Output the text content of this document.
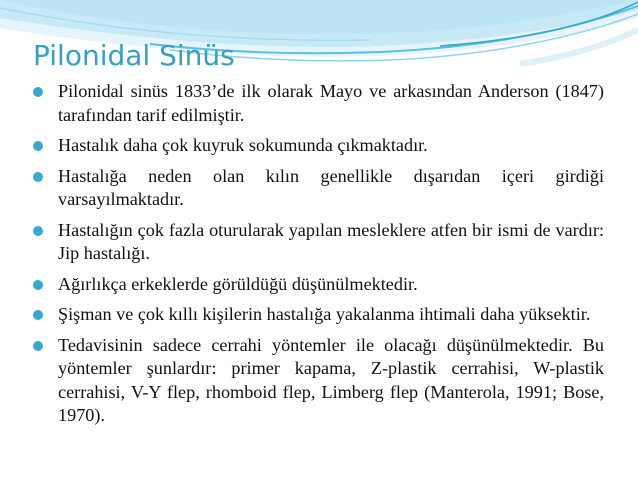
Pilonidal Sinüs
Pilonidal sinüs 1833’de ilk olarak Mayo ve arkasından Anderson (1847) tarafından tarif edilmiştir.
Hastalık daha çok kuyruk sokumunda çıkmaktadır.
Hastalığa neden olan kılın genellikle dışarıdan içeri girdiği varsayılmaktadır.
Hastalığın çok fazla oturularak yapılan mesleklere atfen bir ismi de vardır: Jip hastalığı.
Ağırlıkça erkeklerde görüldüğü düşünülmektedir.
Şişman ve çok kıllı kişilerin hastalığa yakalanma ihtimali daha yüksektir.
Tedavisinin sadece cerrahi yöntemler ile olacağı düşünülmektedir. Bu yöntemler şunlardır: primer kapama, Z-plastik cerrahisi, W-plastik cerrahisi, V-Y flep, rhomboid flep, Limberg flep (Manterola, 1991; Bose, 1970).
